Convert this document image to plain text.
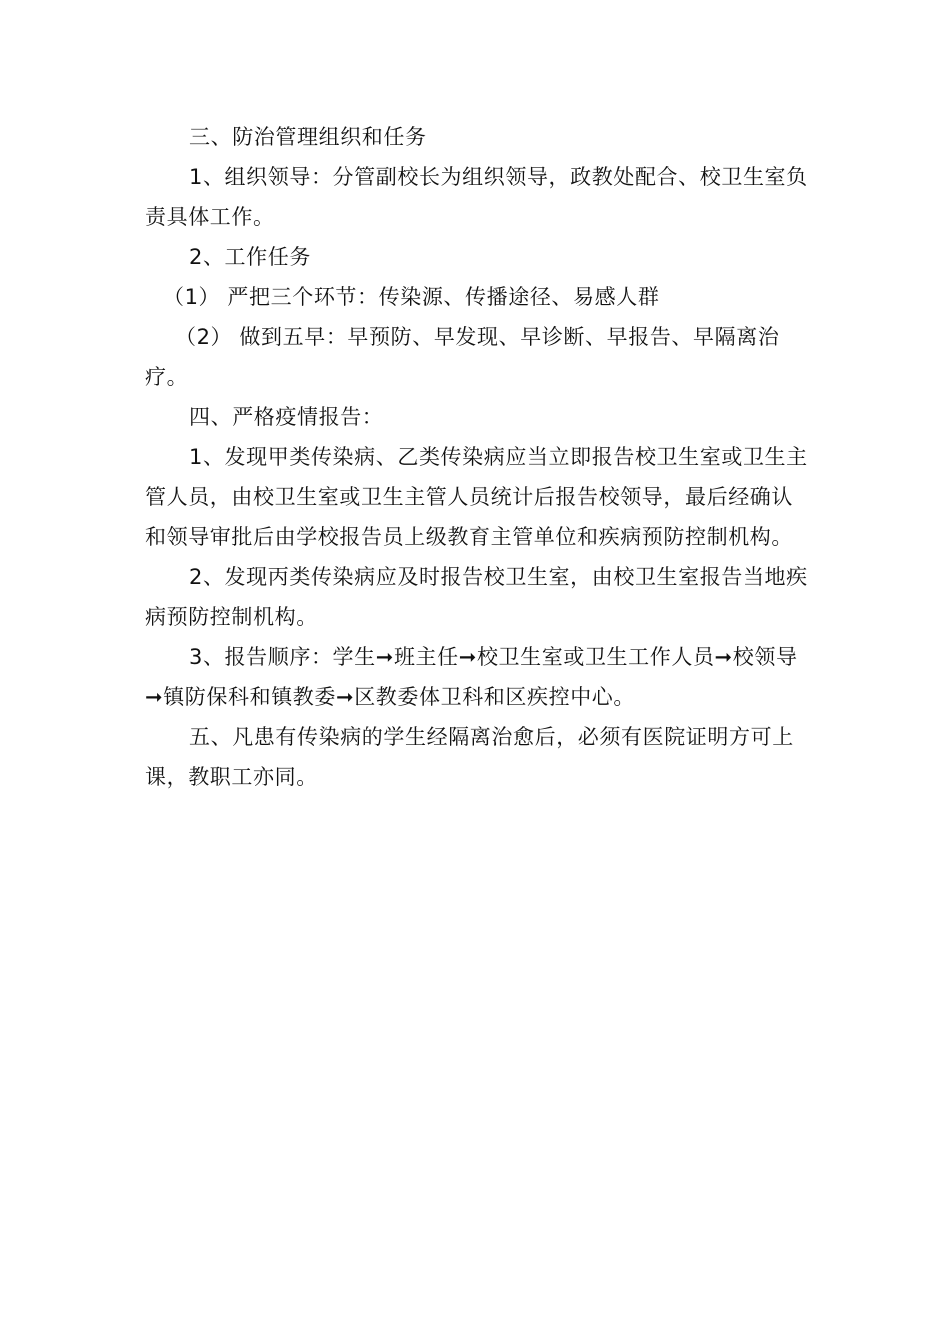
三、防治管理组织和任务

1、组织领导：分管副校长为组织领导，政教处配合、校卫生室负责具体工作。

2、工作任务

（1） 严把三个环节：传染源、传播途径、易感人群

（2） 做到五早：早预防、早发现、早诊断、早报告、早隔离治疗。

四、严格疫情报告：

1、发现甲类传染病、乙类传染病应当立即报告校卫生室或卫生主管人员，由校卫生室或卫生主管人员统计后报告校领导，最后经确认和领导审批后由学校报告员上级教育主管单位和疾病预防控制机构。

2、发现丙类传染病应及时报告校卫生室，由校卫生室报告当地疾病预防控制机构。

3、报告顺序：学生➞班主任➞校卫生室或卫生工作人员➞校领导➞镇防保科和镇教委➞区教委体卫科和区疾控中心。

五、凡患有传染病的学生经隔离治愈后，必须有医院证明方可上课，教职工亦同。
